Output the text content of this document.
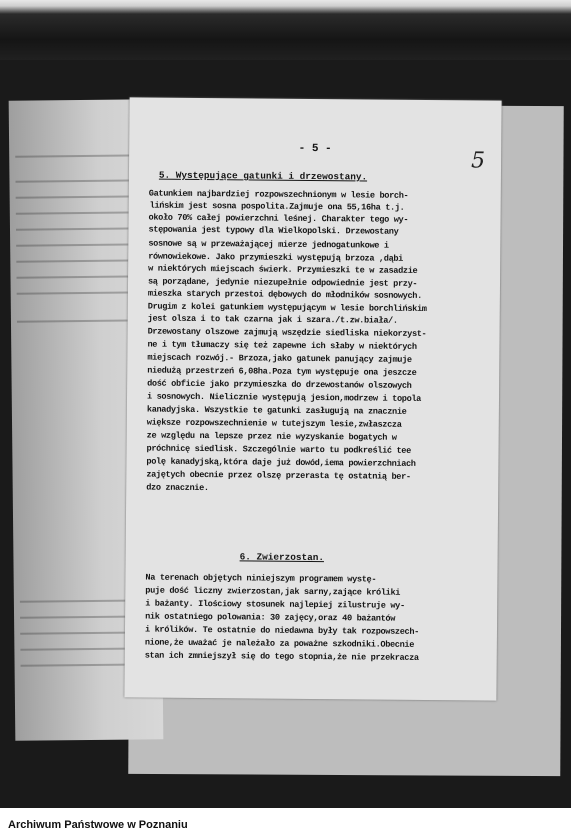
- 5 -	5
5. Występujące gatunki i drzewostany.
Gatunkiem najbardziej rozpowszechnionym w lesie borch-
lińskim jest sosna pospolita.Zajmuje ona 55,16ha t.j.
około 70% całej powierzchni leśnej. Charakter tego wy-
stępowania jest typowy dla Wielkopolski. Drzewostany
sosnowe są w przeważającej mierze jednogatunkowe i
równowiekowe. Jako przymieszki występują brzoza ,dąbi
w niektórych miejscach świerk. Przymieszki te w zasadzie
są porządane, jedynie niezupełnie odpowiednie jest przy-
mieszka starych przestoi dębowych do młodników sosnowych.
Drugim z kolei gatunkiem występującym w lesie borchlińskim
jest olsza i to tak czarna jak i szara./t.zw.biała/.
Drzewostany olszowe zajmują wszędzie siedliska niekorzyst-
ne i tym tłumaczy się też zapewne ich słaby w niektórych
miejscach rozwój.- Brzoza,jako gatunek panujący zajmuje
niedużą przestrzeń 6,08ha.Poza tym występuje ona jeszcze
dość obficie jako przymieszka do drzewostanów olszowych
i sosnowych. Nielicznie występują jesion,modrzew i topola
kanadyjska. Wszystkie te gatunki zasługują na znacznie
większe rozpowszechnienie w tutejszym lesie,zwłaszcza
ze względu na lepsze przez nie wyzyskanie bogatych w
próchnicę siedlisk. Szczególnie warto tu podkreślić tee
polę kanadyjską,która daje już dowód,iema powierzchniach
zajętych obecnie przez olszę przerasta tę ostatnią ber-
dzo znacznie.
6. Zwierzostan.
Na terenach objętych niniejszym programem wystę-
puje dość liczny zwierzostan,jak sarny,zające króliki
i bażanty. Ilościowy stosunek najlepiej zilustruje wy-
nik ostatniego polowania: 30 zajęcy,oraz 40 bażantów
i królików. Te ostatnie do niedawna były tak rozpowszech-
nione,że uważać je należało za poważne szkodniki.Obecnie
stan ich zmniejszył się do tego stopnia,że nie przekracza
Archiwum Państwowe w Poznaniu
